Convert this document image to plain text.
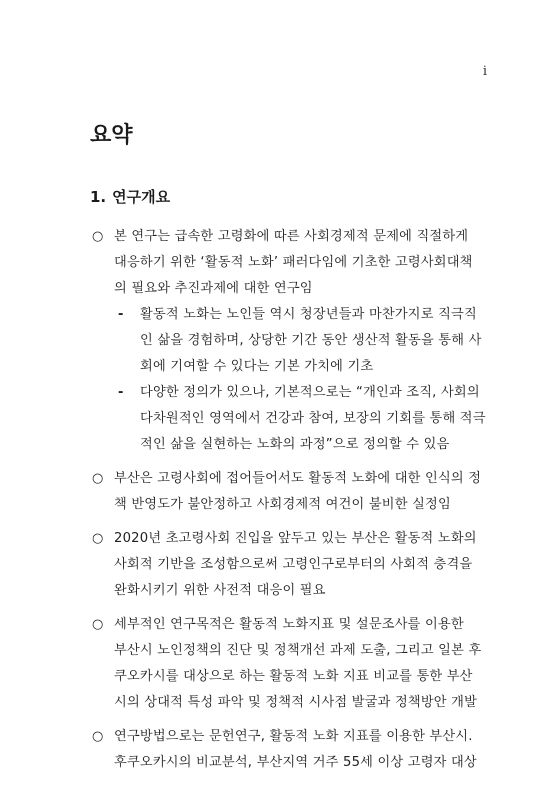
i
요약
1. 연구개요
○ 본 연구는 급속한 고령화에 따른 사회경제적 문제에 직절하게
대응하기 위한 ‘활동적 노화’ 패러다임에 기초한 고령사회대책
의 필요와 추진과제에 대한 연구임
- 활동적 노화는 노인들 역시 청장년들과 마찬가지로 직극직
인 삶을 경험하며, 상당한 기간 동안 생산적 활동을 통해 사
회에 기여할 수 있다는 기본 가치에 기초
- 다양한 정의가 있으나, 기본적으로는 “개인과 조직, 사회의
다차원적인 영역에서 건강과 참여, 보장의 기회를 통해 적극
적인 삶을 실현하는 노화의 과정”으로 정의할 수 있음
○ 부산은 고령사회에 접어들어서도 활동적 노화에 대한 인식의 정
책 반영도가 불안정하고 사회경제적 여건이 불비한 실정임
○ 2020년 초고령사회 진입을 앞두고 있는 부산은 활동적 노화의
사회적 기반을 조성함으로써 고령인구로부터의 사회적 충격을
완화시키기 위한 사전적 대응이 필요
○ 세부적인 연구목적은 활동적 노화지표 및 설문조사를 이용한
부산시 노인정책의 진단 및 정책개선 과제 도출, 그리고 일본 후
쿠오카시를 대상으로 하는 활동적 노화 지표 비교를 통한 부산
시의 상대적 특성 파악 및 정책적 시사점 발굴과 정책방안 개발
○ 연구방법으로는 문헌연구, 활동적 노화 지표를 이용한 부산시.
후쿠오카시의 비교분석, 부산지역 거주 55세 이상 고령자 대상
